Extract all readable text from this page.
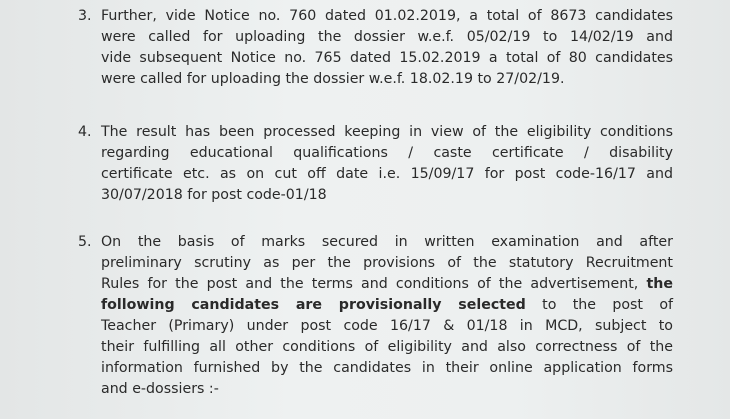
3. Further, vide Notice no. 760 dated 01.02.2019, a total of 8673 candidates
were called for uploading the dossier w.e.f. 05/02/19 to 14/02/19 and
vide subsequent Notice no. 765 dated 15.02.2019 a total of 80 candidates
were called for uploading the dossier w.e.f. 18.02.19 to 27/02/19.
4. The result has been processed keeping in view of the eligibility conditions
regarding educational qualifications / caste certificate / disability
certificate etc. as on cut off date i.e. 15/09/17 for post code-16/17 and
30/07/2018 for post code-01/18
5. On the basis of marks secured in written examination and after
preliminary scrutiny as per the provisions of the statutory Recruitment
Rules for the post and the terms and conditions of the advertisement, the
following candidates are provisionally selected to the post of
Teacher (Primary) under post code 16/17 & 01/18 in MCD, subject to
their fulfilling all other conditions of eligibility and also correctness of the
information furnished by the candidates in their online application forms
and e-dossiers :-
